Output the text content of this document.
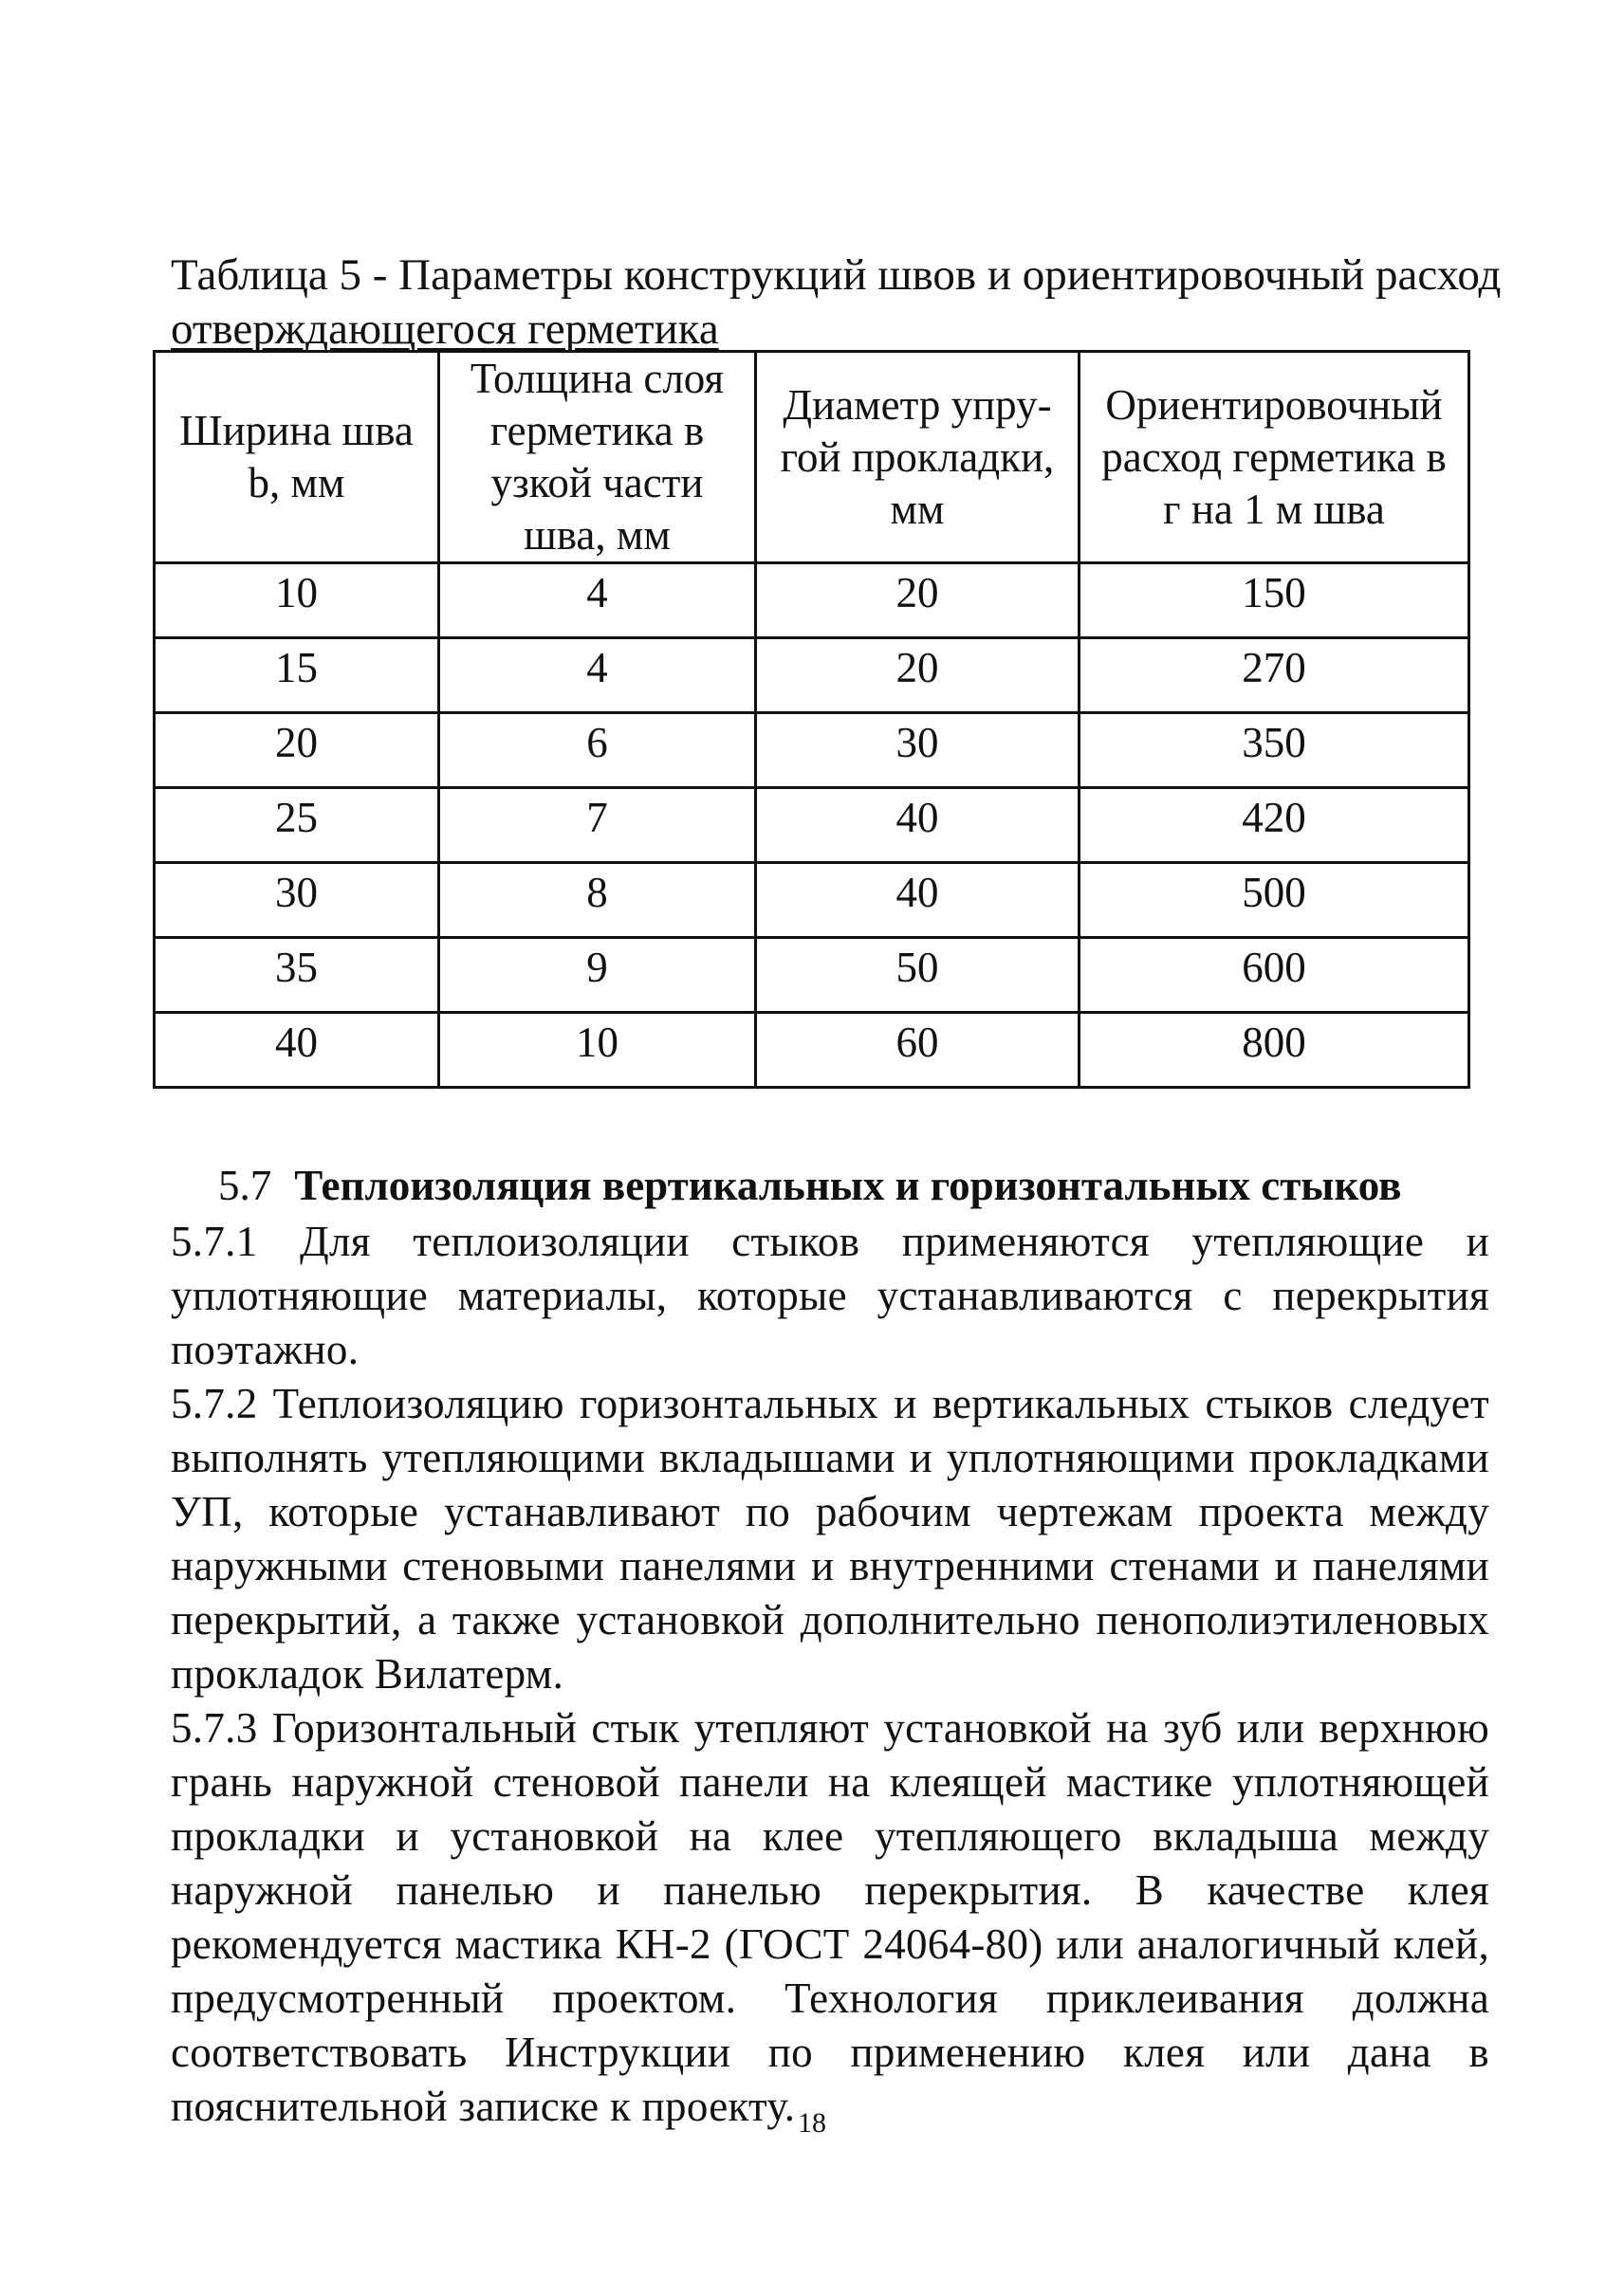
Таблица 5 - Параметры конструкций швов и ориентировочный расход
отверждающегося герметика
Ширина шва b, мм	Толщина слоя герметика в узкой части шва, мм	Диаметр упру-гой прокладки, мм	Ориентировочный расход герметика в г на 1 м шва
10	4	20	150
15	4	20	270
20	6	30	350
25	7	40	420
30	8	40	500
35	9	50	600
40	10	60	800
5.7 Теплоизоляция вертикальных и горизонтальных стыков

5.7.1 Для теплоизоляции стыков применяются утепляющие и уплотняющие материалы, которые устанавливаются с перекрытия поэтажно.

5.7.2 Теплоизоляцию горизонтальных и вертикальных стыков следует выполнять утепляющими вкладышами и уплотняющими прокладками УП, которые устанавливают по рабочим чертежам проекта между наружными стеновыми панелями и внутренними стенами и панелями перекрытий, а также установкой дополнительно пенополиэтиленовых прокладок Вилатерм.

5.7.3 Горизонтальный стык утепляют установкой на зуб или верхнюю грань наружной стеновой панели на клеящей мастике уплотняющей прокладки и установкой на клее утепляющего вкладыша между наружной панелью и панелью перекрытия. В качестве клея рекомендуется мастика КН-2 (ГОСТ 24064-80) или аналогичный клей, предусмотренный проектом. Технология приклеивания должна соответствовать Инструкции по применению клея или дана в пояснительной записке к проекту. 18
